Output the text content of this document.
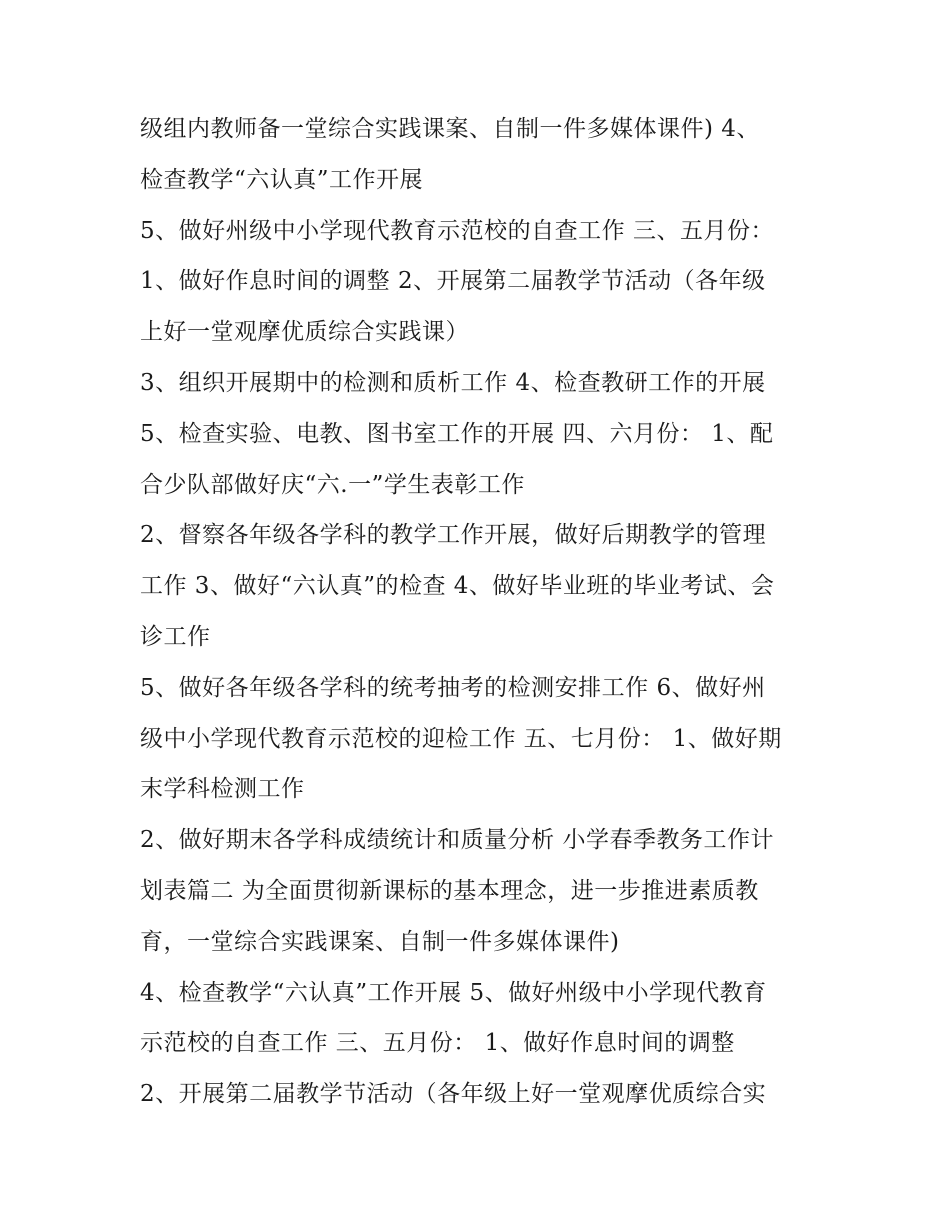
级组内教师备一堂综合实践课案、自制一件多媒体课件) 4、
检查教学“六认真”工作开展
5、做好州级中小学现代教育示范校的自查工作 三、五月份：
1、做好作息时间的调整 2、开展第二届教学节活动（各年级
上好一堂观摩优质综合实践课）
3、组织开展期中的检测和质析工作 4、检查教研工作的开展
5、检查实验、电教、图书室工作的开展 四、六月份： 1、配
合少队部做好庆“六.一”学生表彰工作
2、督察各年级各学科的教学工作开展，做好后期教学的管理
工作 3、做好“六认真”的检查 4、做好毕业班的毕业考试、会
诊工作
5、做好各年级各学科的统考抽考的检测安排工作 6、做好州
级中小学现代教育示范校的迎检工作 五、七月份： 1、做好期
末学科检测工作
2、做好期末各学科成绩统计和质量分析 小学春季教务工作计
划表篇二 为全面贯彻新课标的基本理念，进一步推进素质教
育，一堂综合实践课案、自制一件多媒体课件)
4、检查教学“六认真”工作开展 5、做好州级中小学现代教育
示范校的自查工作 三、五月份： 1、做好作息时间的调整
2、开展第二届教学节活动（各年级上好一堂观摩优质综合实
